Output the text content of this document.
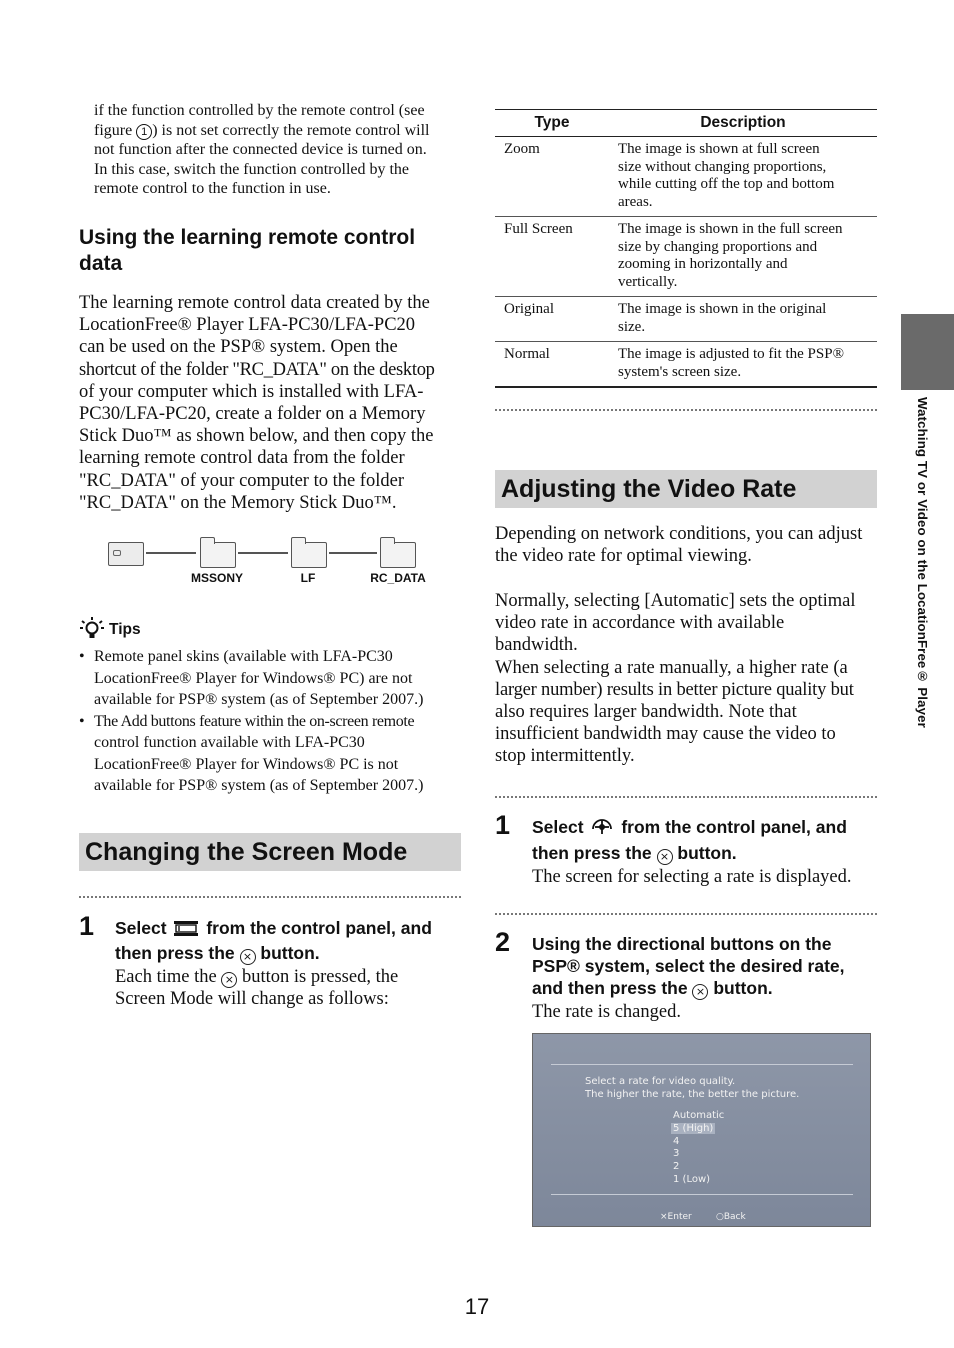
if the function controlled by the remote control (see
figure 1 ) is not set correctly the remote control will
not function after the connected device is turned on.
In this case, switch the function controlled by the
remote control to the function in use.
Using the learning remote control data
The learning remote control data created by the
LocationFree® Player LFA-PC30/LFA-PC20
can be used on the PSP® system. Open the
shortcut of the folder "RC_DATA" on the desktop
of your computer which is installed with LFA-
PC30/LFA-PC20, create a folder on a Memory
Stick Duo™ as shown below, and then copy the
learning remote control data from the folder
"RC_DATA" of your computer to the folder
"RC_DATA" on the Memory Stick Duo™.
MSSONY	LF	RC_DATA
Tips
• Remote panel skins (available with LFA-PC30
LocationFree® Player for Windows® PC) are not
available for PSP® system (as of September 2007.)
• The Add buttons feature within the on-screen remote
control function available with LFA-PC30
LocationFree® Player for Windows® PC is not
available for PSP® system (as of September 2007.)
Changing the Screen Mode
1 Select from the control panel, and
then press the × button.
Each time the × button is pressed, the
Screen Mode will change as follows:
Type	Description
Zoom	The image is shown at full screen
size without changing proportions,
while cutting off the top and bottom
areas.

Full Screen	The image is shown in the full screen
size by changing proportions and
zooming in horizontally and
vertically.

Original	The image is shown in the original
size.

Normal	The image is adjusted to fit the PSP®
system's screen size.
Adjusting the Video Rate
Depending on network conditions, you can adjust
the video rate for optimal viewing.
Normally, selecting [Automatic] sets the optimal
video rate in accordance with available
bandwidth.
When selecting a rate manually, a higher rate (a
larger number) results in better picture quality but
also requires larger bandwidth. Note that
insufficient bandwidth may cause the video to
stop intermittently.
1 Select from the control panel, and
then press the × button.
The screen for selecting a rate is displayed.
2 Using the directional buttons on the
PSP® system, select the desired rate,
and then press the × button.
The rate is changed.
Select a rate for video quality.
The higher the rate, the better the picture.
Automatic
5 (High)
4
3
2
1 (Low)
×Enter	○Back
Watching TV or Video on the LocationFree® Player
17
